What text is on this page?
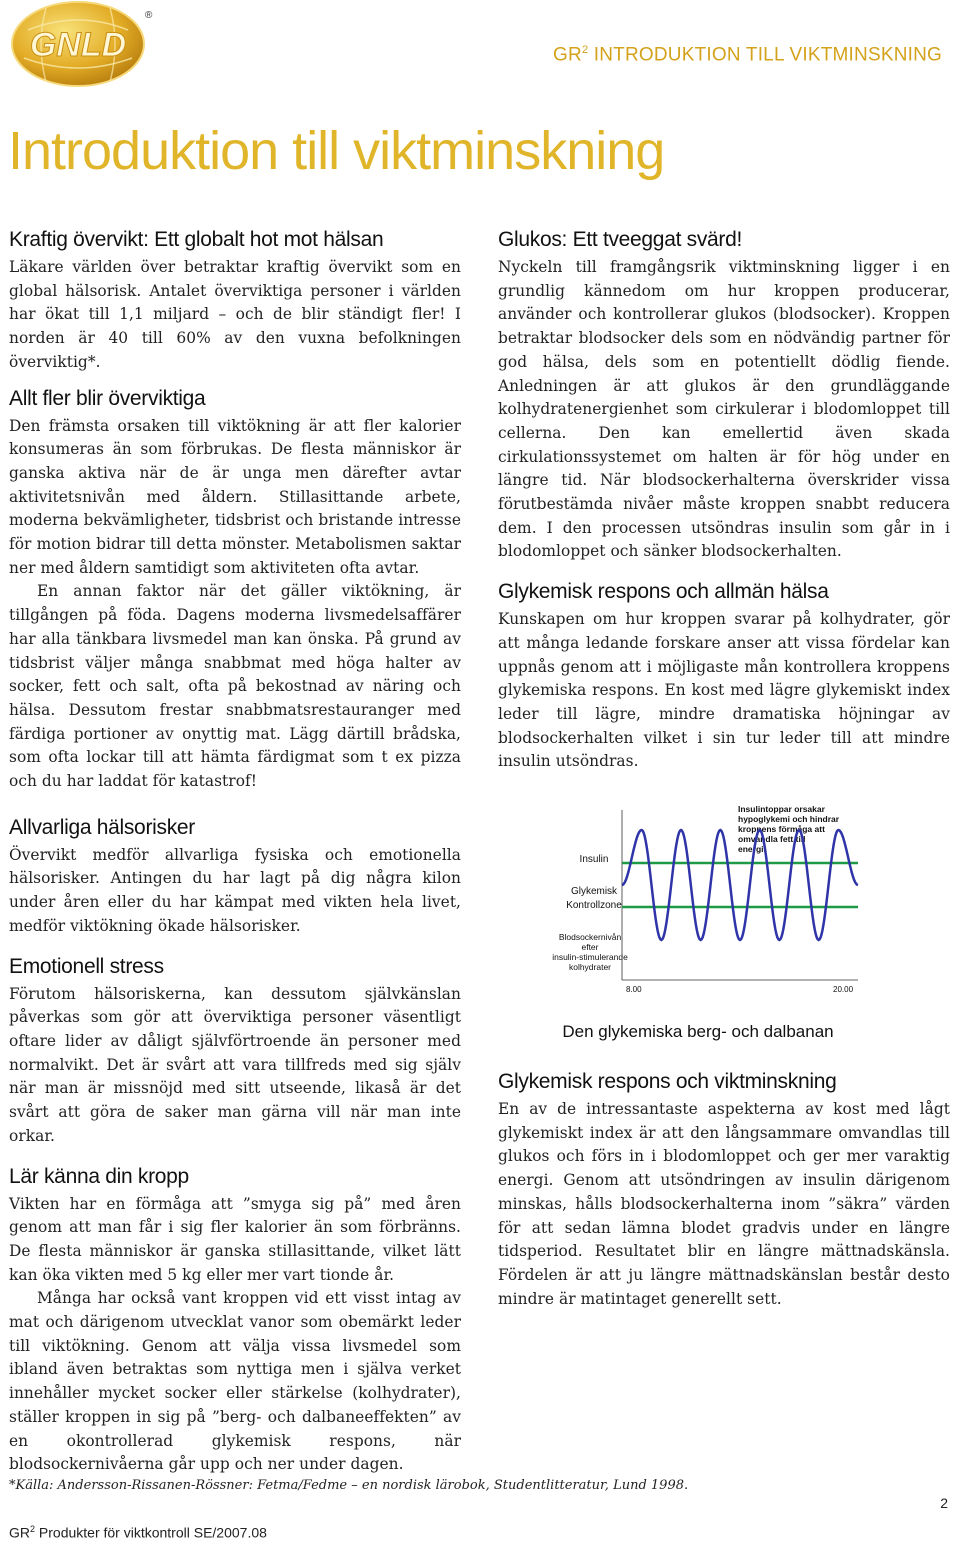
GNLD
®
$GR^2$ INTRODUKTION TILL VIKTMINSKNING
Introduktion till viktminskning
Kraftig övervikt: Ett globalt hot mot hälsan

Läkare världen över betraktar kraftig övervikt som en global hälsorisk. Antalet överviktiga personer i världen har ökat till 1,1 miljard – och de blir ständigt fler! I norden är 40 till 60% av den vuxna befolkningen överviktig*.

Allt fler blir överviktiga

Den främsta orsaken till viktökning är att fler kalorier konsumeras än som förbrukas. De flesta människor är ganska aktiva när de är unga men därefter avtar aktivitetsnivån med åldern. Stillasittande arbete, moderna bekvämligheter, tidsbrist och bristande intresse för motion bidrar till detta mönster. Metabolismen saktar ner med åldern samtidigt som aktiviteten ofta avtar.

En annan faktor när det gäller viktökning, är tillgången på föda. Dagens moderna livsmedelsaffärer har alla tänkbara livsmedel man kan önska. På grund av tidsbrist väljer många snabbmat med höga halter av socker, fett och salt, ofta på bekostnad av näring och hälsa. Dessutom frestar snabbmatsrestauranger med färdiga portioner av onyttig mat. Lägg därtill brådska, som ofta lockar till att hämta färdigmat som t ex pizza och du har laddat för katastrof!

Allvarliga hälsorisker

Övervikt medför allvarliga fysiska och emotionella hälsorisker. Antingen du har lagt på dig några kilon under åren eller du har kämpat med vikten hela livet, medför viktökning ökade hälsorisker.

Emotionell stress

Förutom hälsoriskerna, kan dessutom självkänslan påverkas som gör att överviktiga personer väsentligt oftare lider av dåligt självförtroende än personer med normalvikt. Det är svårt att vara tillfreds med sig själv när man är missnöjd med sitt utseende, likaså är det svårt att göra de saker man gärna vill när man inte orkar.

Lär känna din kropp

Vikten har en förmåga att ”smyga sig på” med åren genom att man får i sig fler kalorier än som förbränns. De flesta människor är ganska stillasittande, vilket lätt kan öka vikten med 5 kg eller mer vart tionde år.

Många har också vant kroppen vid ett visst intag av mat och därigenom utvecklat vanor som obemärkt leder till viktökning. Genom att välja vissa livsmedel som ibland även betraktas som nyttiga men i själva verket innehåller mycket socker eller stärkelse (kolhydrater), ställer kroppen in sig på ”berg- och dalbaneeffekten” av en okontrollerad glykemisk respons, när blodsockernivåerna går upp och ner under dagen.

Glukos: Ett tveeggat svärd!

Nyckeln till framgångsrik viktminskning ligger i en grundlig kännedom om hur kroppen producerar, använder och kontrollerar glukos (blodsocker). Kroppen betraktar blodsocker dels som en nödvändig partner för god hälsa, dels som en potentiellt dödlig fiende. Anledningen är att glukos är den grundläggande kolhydratenergienhet som cirkulerar i blodomloppet till cellerna. Den kan emellertid även skada cirkulationssystemet om halten är för hög under en längre tid. När blodsockerhalterna överskrider vissa förutbestämda nivåer måste kroppen snabbt reducera dem. I den processen utsöndras insulin som går in i blodomloppet och sänker blodsockerhalten.

Glykemisk respons och allmän hälsa

Kunskapen om hur kroppen svarar på kolhydrater, gör att många ledande forskare anser att vissa fördelar kan uppnås genom att i möjligaste mån kontrollera kroppens glykemiska respons. En kost med lägre glykemiskt index leder till lägre, mindre dramatiska höjningar av blodsockerhalten vilket i sin tur leder till att mindre insulin utsöndras.

Insulintoppar orsakar hypoglykemi och hindrar kroppens förmåga att omvandla fett till energi.
Insulin
Glykemisk Kontrollzone
Blodsockernivån efter insulin-stimulerande kolhydrater
8.00	20.00
Den glykemiska berg- och dalbanan
Glykemisk respons och viktminskning

En av de intressantaste aspekterna av kost med lågt glykemiskt index är att den långsammare omvandlas till glukos och förs in i blodomloppet och ger mer varaktig energi. Genom att utsöndringen av insulin därigenom minskas, hålls blodsockerhalterna inom ”säkra” värden för att sedan lämna blodet gradvis under en längre tidsperiod. Resultatet blir en längre mättnadskänsla. Fördelen är att ju längre mättnadskänslan består desto mindre är matintaget generellt sett.

*Källa: Andersson-Rissanen-Rössner: Fetma/Fedme – en nordisk lärobok, Studentlitteratur, Lund 1998.
$GR^2$ Produkter för viktkontroll SE/2007.08
2
